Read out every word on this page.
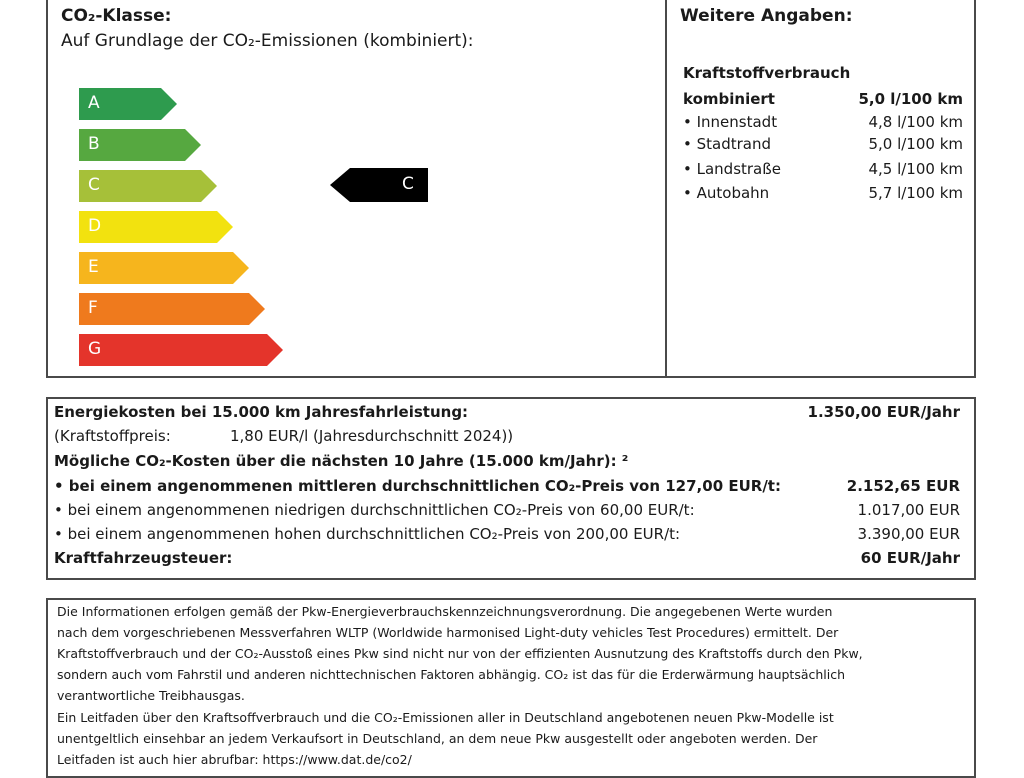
CO₂-Klasse:
Auf Grundlage der CO₂-Emissionen (kombiniert):
A
B
C
D
E
F
G
C
Weitere Angaben:
Kraftstoffverbrauch
kombiniert	5,0 l/100 km
• Innenstadt	4,8 l/100 km
• Stadtrand	5,0 l/100 km
• Landstraße	4,5 l/100 km
• Autobahn	5,7 l/100 km
Energiekosten bei 15.000 km Jahresfahrleistung:	1.350,00 EUR/Jahr
(Kraftstoffpreis:	1,80 EUR/l (Jahresdurchschnitt 2024))
Mögliche CO₂-Kosten über die nächsten 10 Jahre (15.000 km/Jahr): ²
• bei einem angenommenen mittleren durchschnittlichen CO₂-Preis von 127,00 EUR/t:	2.152,65 EUR
• bei einem angenommenen niedrigen durchschnittlichen CO₂-Preis von 60,00 EUR/t:	1.017,00 EUR
• bei einem angenommenen hohen durchschnittlichen CO₂-Preis von 200,00 EUR/t:	3.390,00 EUR
Kraftfahrzeugsteuer:	60 EUR/Jahr
Die Informationen erfolgen gemäß der Pkw-Energieverbrauchskennzeichnungsverordnung. Die angegebenen Werte wurden
nach dem vorgeschriebenen Messverfahren WLTP (Worldwide harmonised Light-duty vehicles Test Procedures) ermittelt. Der
Kraftstoffverbrauch und der CO₂-Ausstoß eines Pkw sind nicht nur von der effizienten Ausnutzung des Kraftstoffs durch den Pkw,
sondern auch vom Fahrstil und anderen nichttechnischen Faktoren abhängig. CO₂ ist das für die Erderwärmung hauptsächlich
verantwortliche Treibhausgas.
Ein Leitfaden über den Kraftsoffverbrauch und die CO₂-Emissionen aller in Deutschland angebotenen neuen Pkw-Modelle ist
unentgeltlich einsehbar an jedem Verkaufsort in Deutschland, an dem neue Pkw ausgestellt oder angeboten werden. Der
Leitfaden ist auch hier abrufbar: https://www.dat.de/co2/
